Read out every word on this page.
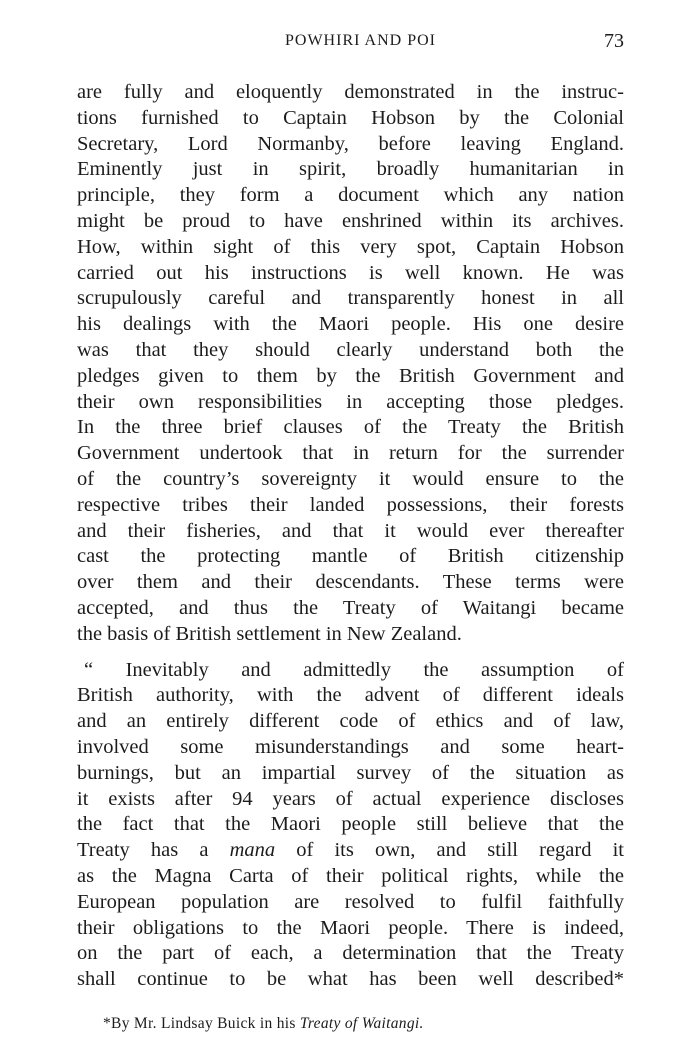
POWHIRI AND POI	73
are fully and eloquently demonstrated in the instruc-
tions furnished to Captain Hobson by the Colonial
Secretary, Lord Normanby, before leaving England.
Eminently just in spirit, broadly humanitarian in
principle, they form a document which any nation
might be proud to have enshrined within its archives.
How, within sight of this very spot, Captain Hobson
carried out his instructions is well known. He was
scrupulously careful and transparently honest in all
his dealings with the Maori people. His one desire
was that they should clearly understand both the
pledges given to them by the British Government and
their own responsibilities in accepting those pledges.
In the three brief clauses of the Treaty the British
Government undertook that in return for the surrender
of the country’s sovereignty it would ensure to the
respective tribes their landed possessions, their forests
and their fisheries, and that it would ever thereafter
cast the protecting mantle of British citizenship
over them and their descendants. These terms were
accepted, and thus the Treaty of Waitangi became
the basis of British settlement in New Zealand.
“ Inevitably and admittedly the assumption of
British authority, with the advent of different ideals
and an entirely different code of ethics and of law,
involved some misunderstandings and some heart-
burnings, but an impartial survey of the situation as
it exists after 94 years of actual experience discloses
the fact that the Maori people still believe that the
Treaty has a mana of its own, and still regard it
as the Magna Carta of their political rights, while the
European population are resolved to fulfil faithfully
their obligations to the Maori people. There is indeed,
on the part of each, a determination that the Treaty
shall continue to be what has been well described*
*By Mr. Lindsay Buick in his Treaty of Waitangi.
